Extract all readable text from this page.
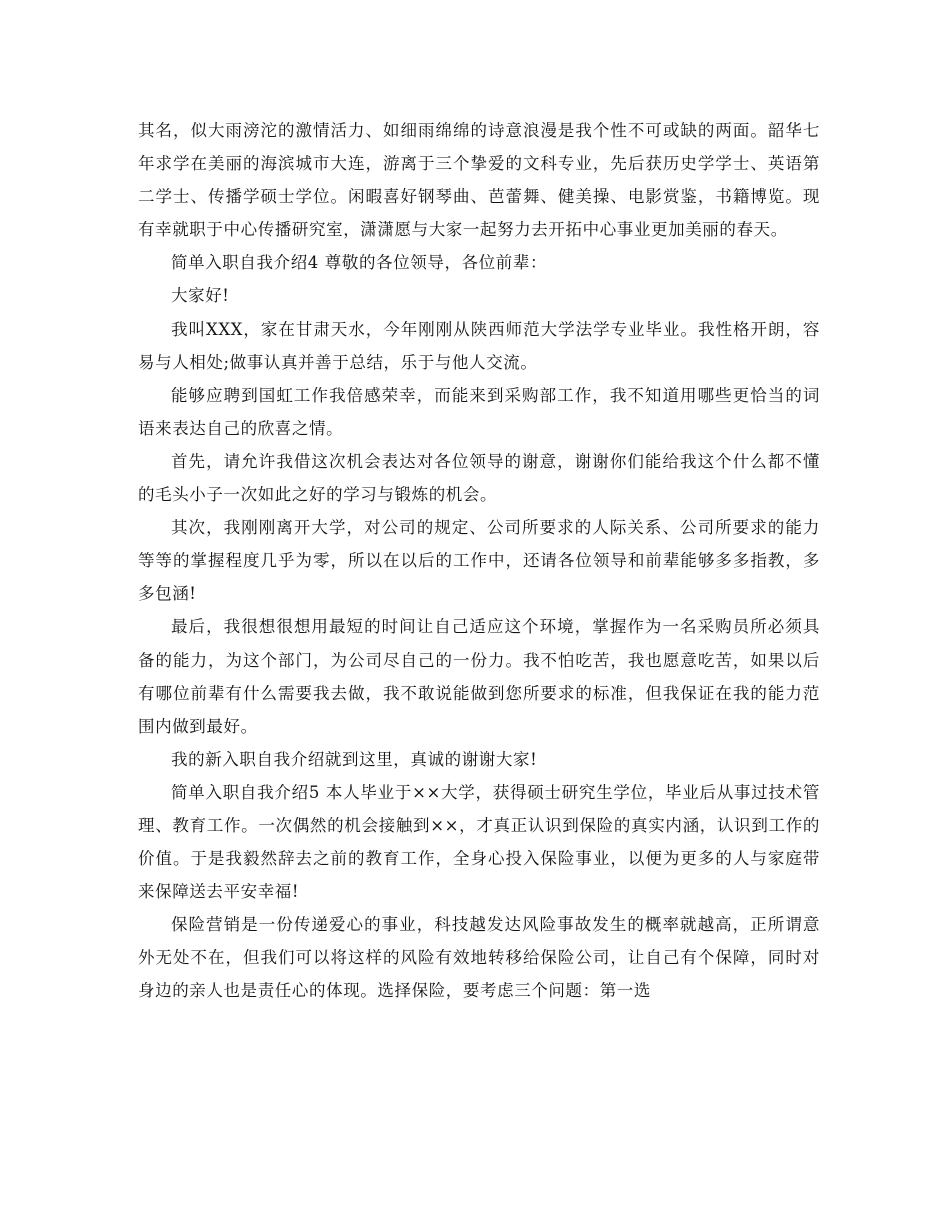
其名，似大雨滂沱的激情活力、如细雨绵绵的诗意浪漫是我个性不可或缺的两面。韶华七年求学在美丽的海滨城市大连，游离于三个挚爱的文科专业，先后获历史学学士、英语第二学士、传播学硕士学位。闲暇喜好钢琴曲、芭蕾舞、健美操、电影赏鉴，书籍博览。现有幸就职于中心传播研究室，潇潇愿与大家一起努力去开拓中心事业更加美丽的春天。

简单入职自我介绍4 尊敬的各位领导，各位前辈：

大家好!

我叫XXX，家在甘肃天水，今年刚刚从陕西师范大学法学专业毕业。我性格开朗，容易与人相处;做事认真并善于总结，乐于与他人交流。

能够应聘到国虹工作我倍感荣幸，而能来到采购部工作，我不知道用哪些更恰当的词语来表达自己的欣喜之情。

首先，请允许我借这次机会表达对各位领导的谢意，谢谢你们能给我这个什么都不懂的毛头小子一次如此之好的学习与锻炼的机会。

其次，我刚刚离开大学，对公司的规定、公司所要求的人际关系、公司所要求的能力等等的掌握程度几乎为零，所以在以后的工作中，还请各位领导和前辈能够多多指教，多多包涵!

最后，我很想很想用最短的时间让自己适应这个环境，掌握作为一名采购员所必须具备的能力，为这个部门，为公司尽自己的一份力。我不怕吃苦，我也愿意吃苦，如果以后有哪位前辈有什么需要我去做，我不敢说能做到您所要求的标准，但我保证在我的能力范围内做到最好。

我的新入职自我介绍就到这里，真诚的谢谢大家!

简单入职自我介绍5 本人毕业于××大学，获得硕士研究生学位，毕业后从事过技术管理、教育工作。一次偶然的机会接触到××，才真正认识到保险的真实内涵，认识到工作的价值。于是我毅然辞去之前的教育工作，全身心投入保险事业，以便为更多的人与家庭带来保障送去平安幸福!

保险营销是一份传递爱心的事业，科技越发达风险事故发生的概率就越高，正所谓意外无处不在，但我们可以将这样的风险有效地转移给保险公司，让自己有个保障，同时对身边的亲人也是责任心的体现。选择保险，要考虑三个问题：第一选
